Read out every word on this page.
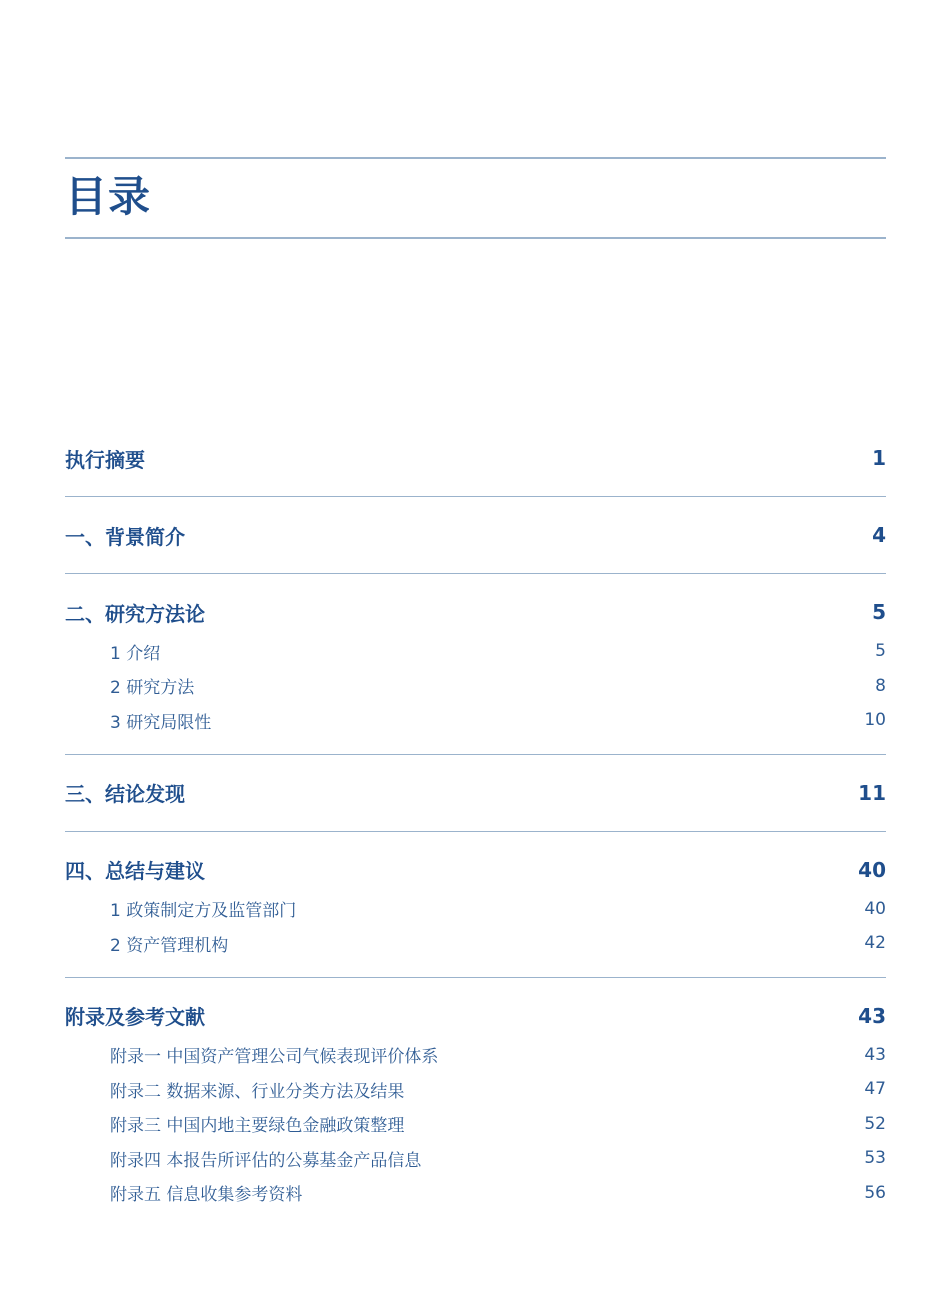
目录
执行摘要	1
一、背景简介	4
二、研究方法论	5
1 介绍	5
2 研究方法	8
3 研究局限性	10
三、结论发现	11
四、总结与建议	40
1 政策制定方及监管部门	40
2 资产管理机构	42
附录及参考文献	43
附录一 中国资产管理公司气候表现评价体系	43
附录二 数据来源、行业分类方法及结果	47
附录三 中国内地主要绿色金融政策整理	52
附录四 本报告所评估的公募基金产品信息	53
附录五 信息收集参考资料	56
